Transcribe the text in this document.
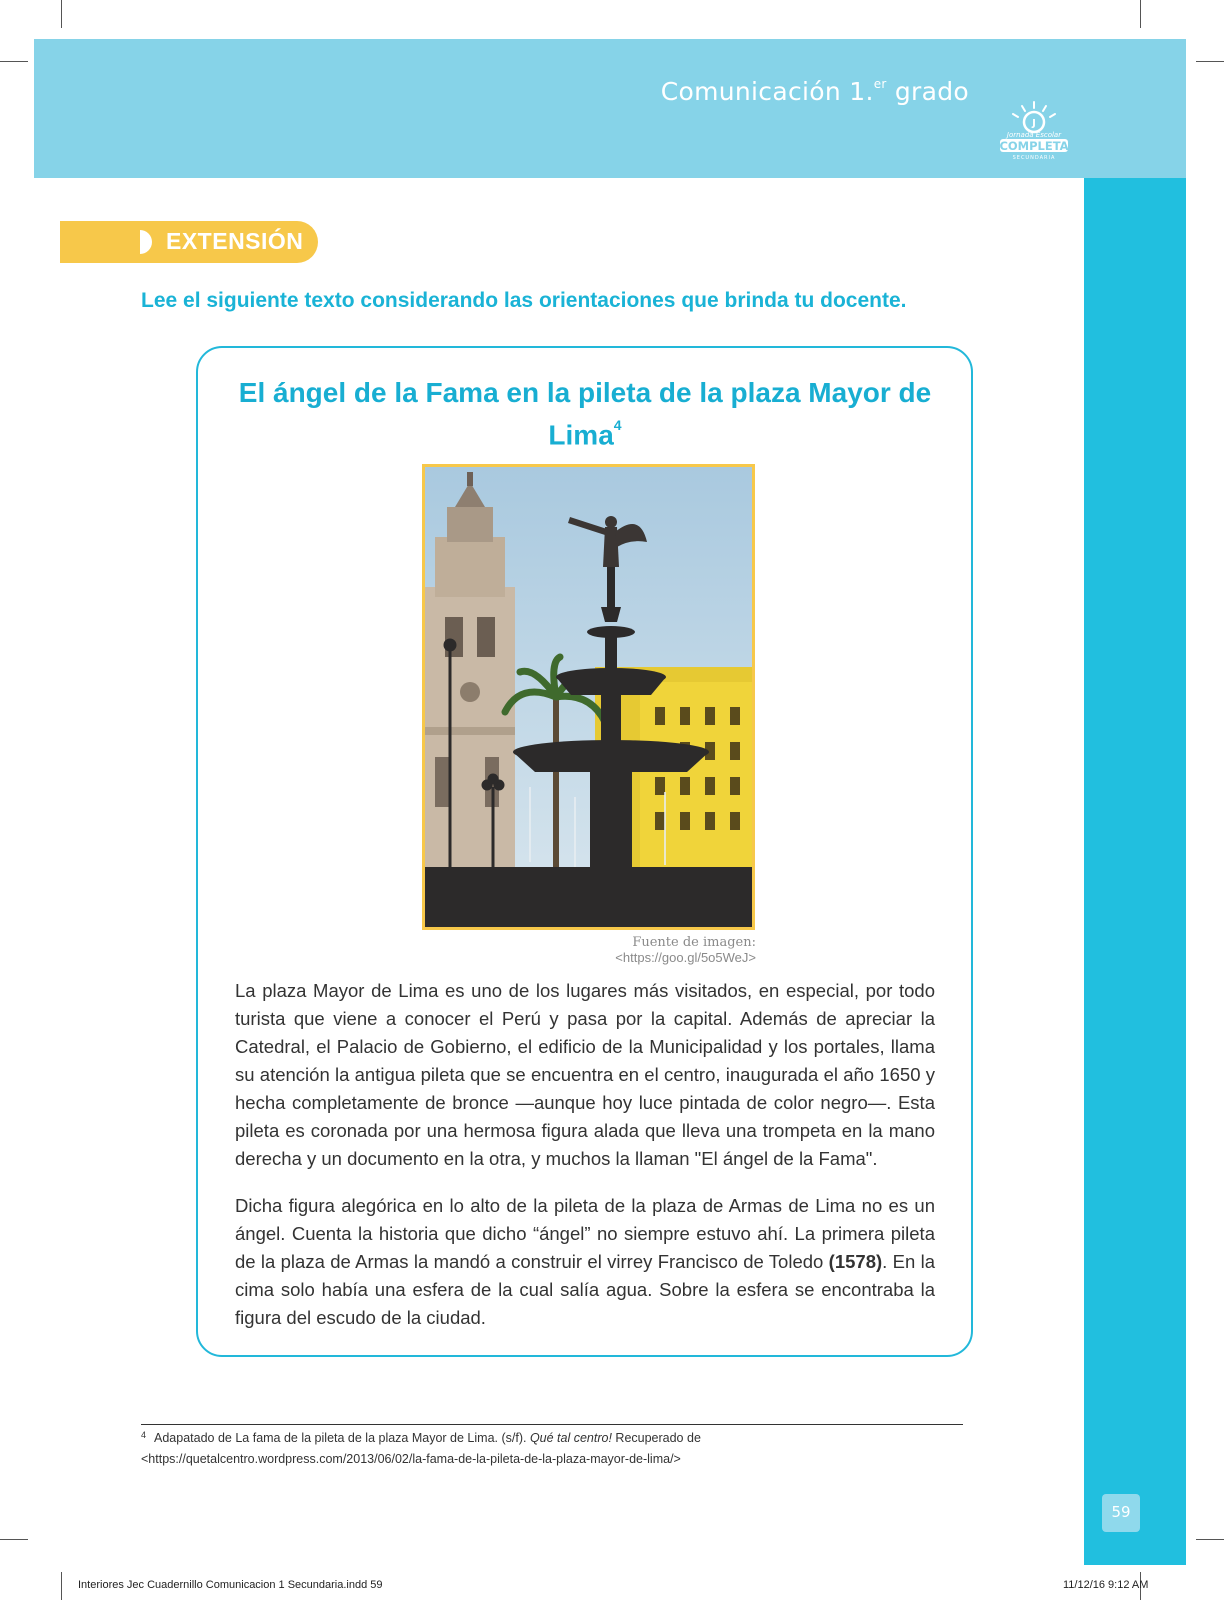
Comunicación 1.$^{er}$ grado
J
Jornada Escolar
COMPLETA
SECUNDARIA
59
EXTENSIÓN
Lee el siguiente texto considerando las orientaciones que brinda tu docente.
El ángel de la Fama en la pileta de la plaza Mayor de Lima$^4$
Fuente de imagen: <https://goo.gl/5o5WeJ>
La plaza Mayor de Lima es uno de los lugares más visitados, en especial, por todo turista que viene a conocer el Perú y pasa por la capital. Además de apreciar la Catedral, el Palacio de Gobierno, el edificio de la Municipalidad y los portales, llama su atención la antigua pileta que se encuentra en el centro, inaugurada el año 1650 y hecha completamente de bronce —aunque hoy luce pintada de color negro—. Esta pileta es coronada por una hermosa figura alada que lleva una trompeta en la mano derecha y un documento en la otra, y muchos la llaman "El ángel de la Fama".
Dicha figura alegórica en lo alto de la pileta de la plaza de Armas de Lima no es un ángel. Cuenta la historia que dicho “ángel” no siempre estuvo ahí. La primera pileta de la plaza de Armas la mandó a construir el virrey Francisco de Toledo (1578). En la cima solo había una esfera de la cual salía agua. Sobre la esfera se encontraba la figura del escudo de la ciudad.
$^4$ Adapatado de La fama de la pileta de la plaza Mayor de Lima. (s/f). Qué tal centro! Recuperado de <https://quetalcentro.wordpress.com/2013/06/02/la-fama-de-la-pileta-de-la-plaza-mayor-de-lima/>
Interiores Jec Cuadernillo Comunicacion 1 Secundaria.indd 59	11/12/16 9:12 AM
